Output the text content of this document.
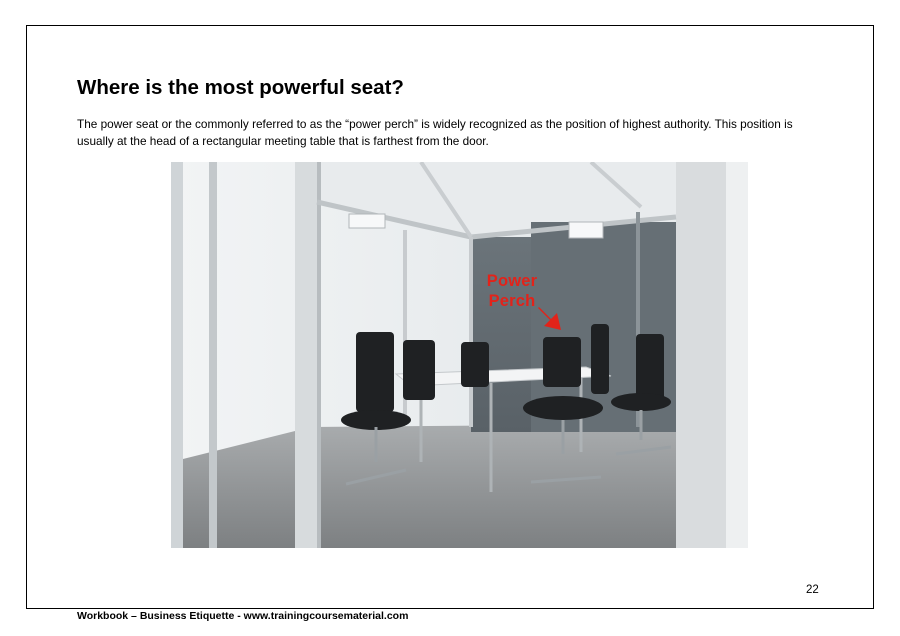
Where is the most powerful seat?

The power seat or the commonly referred to as the “power perch” is widely recognized as the position of highest authority. This position is usually at the head of a rectangular meeting table that is farthest from the door.

Power
Perch
22
Workbook – Business Etiquette - www.trainingcoursematerial.com
